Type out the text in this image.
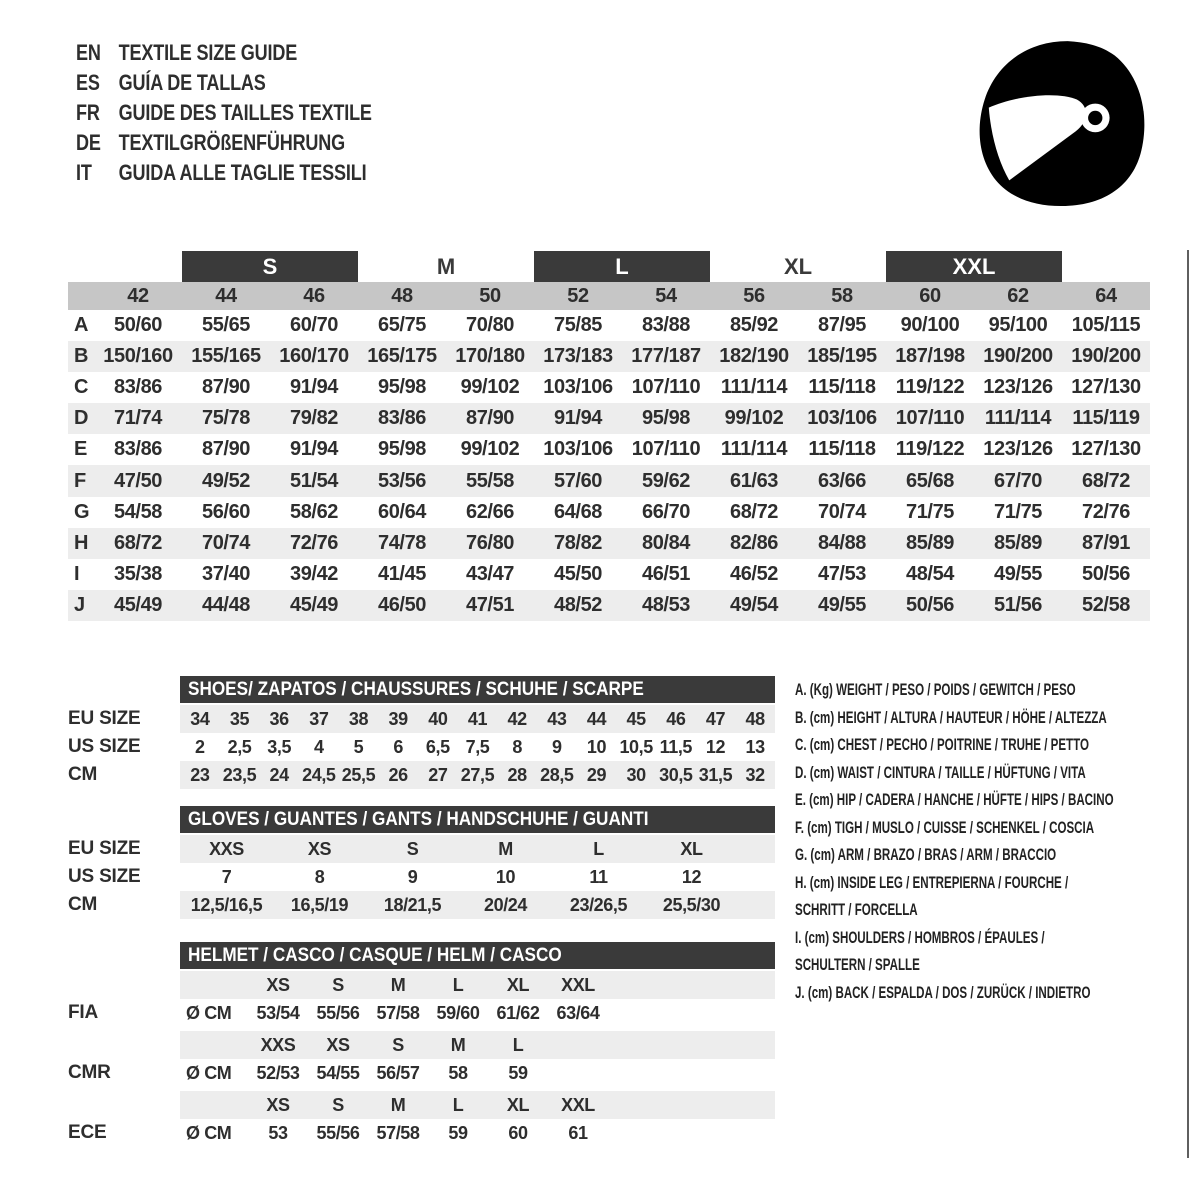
EN TEXTILE SIZE GUIDE
ES GUÍA DE TALLAS
FR GUIDE DES TAILLES TEXTILE
DE TEXTILGRÖßENFÜHRUNG
IT	GUIDA ALLE TAGLIE TESSILI
S	M	L	XL	XXL
42	44	46	48	50	52	54	56	58	60	62	64
A	50/60	55/65	60/70	65/75	70/80	75/85	83/88	85/92	87/95	90/100	95/100	105/115
B 150/160 155/165 160/170 165/175 170/180 173/183 177/187 182/190 185/195 187/198 190/200 190/200
C	83/86	87/90	91/94	95/98	99/102	103/106 107/110	111/114	115/118	119/122 123/126 127/130
D	71/74	75/78	79/82	83/86	87/90	91/94	95/98	99/102	103/106 107/110	111/114	115/119
E	83/86	87/90	91/94	95/98	99/102	103/106 107/110	111/114	115/118	119/122 123/126 127/130
F	47/50	49/52	51/54	53/56	55/58	57/60	59/62	61/63	63/66	65/68	67/70	68/72
G	54/58	56/60	58/62	60/64	62/66	64/68	66/70	68/72	70/74	71/75	71/75	72/76
H	68/72	70/74	72/76	74/78	76/80	78/82	80/84	82/86	84/88	85/89	85/89	87/91
I	35/38	37/40	39/42	41/45	43/47	45/50	46/51	46/52	47/53	48/54	49/55	50/56
J	45/49	44/48	45/49	46/50	47/51	48/52	48/53	49/54	49/55	50/56	51/56	52/58
SHOES/ ZAPATOS / CHAUSSURES / SCHUHE / SCARPE
EU SIZE	34	35	36	37	38	39	40	41	42	43	44	45	46	47	48
US SIZE	2	2,5 3,5	4	5	6	6,5 7,5	8	9	10 10,5 11,5 12	13
CM	23 23,5 24 24,5 25,5 26	27 27,5 28 28,5 29	30 30,5 31,5 32
GLOVES / GUANTES / GANTS / HANDSCHUHE / GUANTI
EU SIZE	XXS	XS	S	M	L	XL
US SIZE	7	8	9	10	11	12
CM	12,5/16,5	16,5/19	18/21,5	20/24	23/26,5	25,5/30
HELMET / CASCO / CASQUE / HELM / CASCO
XS	S	M	L	XL	XXL
FIA	Ø CM	53/54 55/56 57/58 59/60 61/62 63/64
XXS	XS	S	M	L
CMR	Ø CM	52/53 54/55 56/57	58	59
XS	S	M	L	XL	XXL
ECE	Ø CM	53	55/56 57/58	59	60	61
A. (Kg) WEIGHT / PESO / POIDS / GEWITCH / PESO
B. (cm) HEIGHT / ALTURA / HAUTEUR / HÖHE / ALTEZZA
C. (cm) CHEST / PECHO / POITRINE / TRUHE / PETTO
D. (cm) WAIST / CINTURA / TAILLE / HÜFTUNG / VITA
E. (cm) HIP / CADERA / HANCHE / HÜFTE / HIPS / BACINO
F. (cm) TIGH / MUSLO / CUISSE / SCHENKEL / COSCIA
G. (cm) ARM / BRAZO / BRAS / ARM / BRACCIO
H. (cm) INSIDE LEG / ENTREPIERNA / FOURCHE /
SCHRITT / FORCELLA
I. (cm) SHOULDERS / HOMBROS / ÉPAULES /
SCHULTERN / SPALLE
J. (cm) BACK / ESPALDA / DOS / ZURÜCK / INDIETRO
